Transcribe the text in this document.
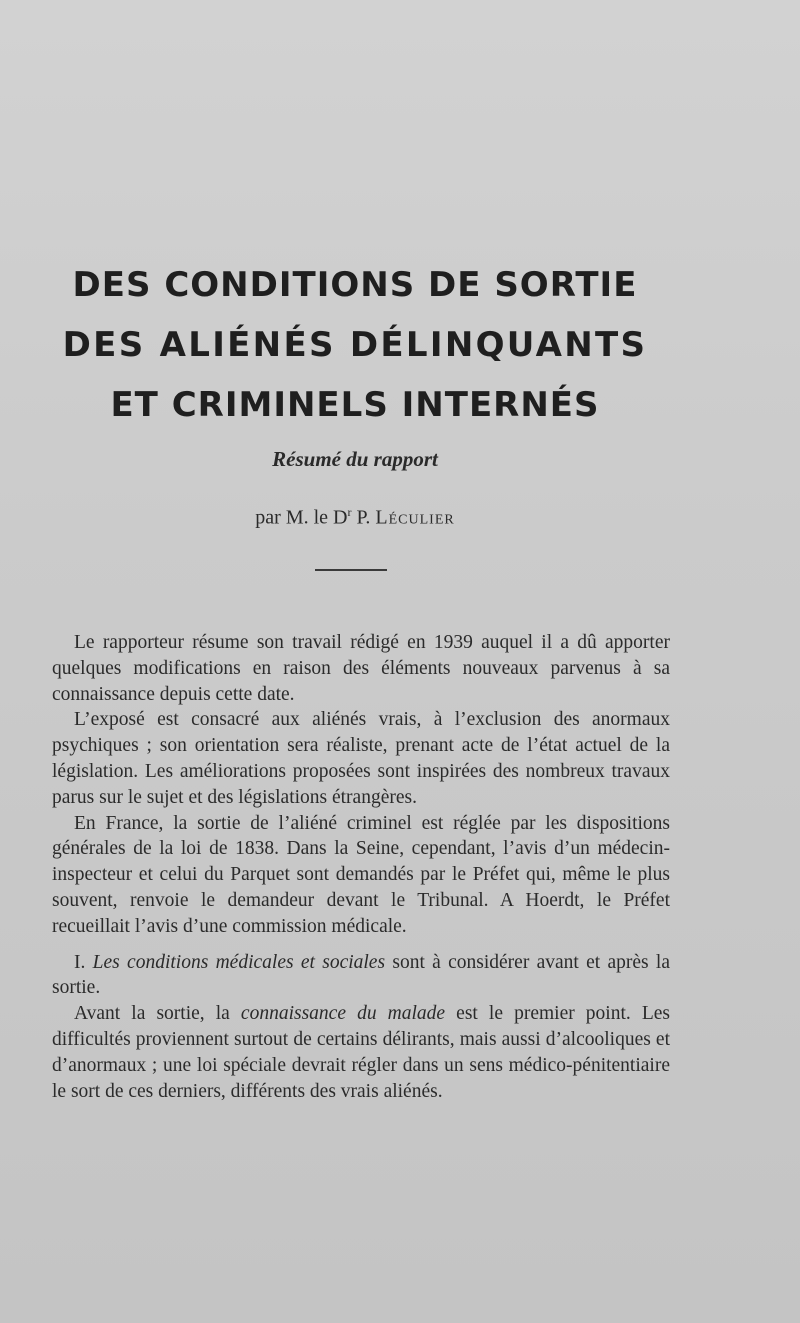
DES CONDITIONS DE SORTIE
DES ALIÉNÉS DÉLINQUANTS
ET CRIMINELS INTERNÉS
Résumé du rapport
par M. le $D^r$ P. Léculier

Le rapporteur résume son travail rédigé en 1939 auquel il a dû apporter quelques modifications en raison des éléments nouveaux parvenus à sa connaissance depuis cette date.

L’exposé est consacré aux aliénés vrais, à l’exclusion des anormaux psychiques ; son orientation sera réaliste, prenant acte de l’état actuel de la législation. Les améliorations proposées sont inspirées des nombreux travaux parus sur le sujet et des législations étrangères.

En France, la sortie de l’aliéné criminel est réglée par les dispositions générales de la loi de 1838. Dans la Seine, cependant, l’avis d’un médecin-inspecteur et celui du Parquet sont demandés par le Préfet qui, même le plus souvent, renvoie le demandeur devant le Tribunal. A Hoerdt, le Préfet recueillait l’avis d’une commission médicale.

I. Les conditions médicales et sociales sont à considérer avant et après la sortie.

Avant la sortie, la connaissance du malade est le premier point. Les difficultés proviennent surtout de certains délirants, mais aussi d’alcooliques et d’anormaux ; une loi spéciale devrait régler dans un sens médico-pénitentiaire le sort de ces derniers, différents des vrais aliénés.
